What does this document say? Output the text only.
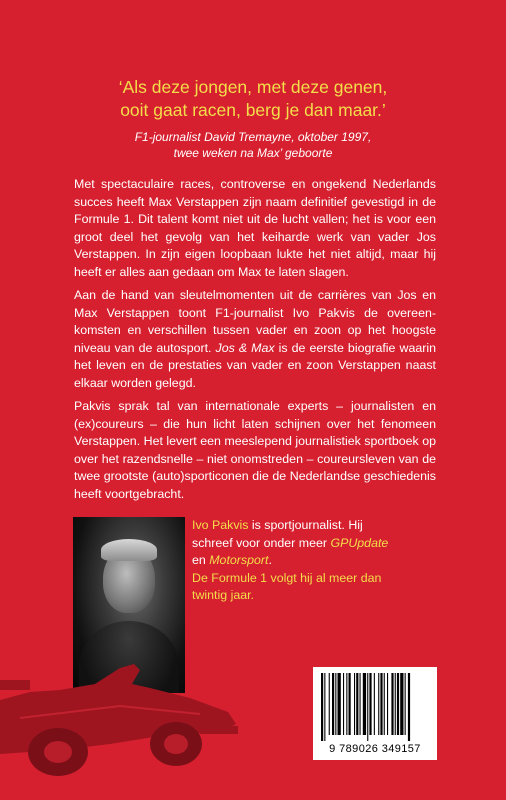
‘Als deze jongen, met deze genen,
ooit gaat racen, berg je dan maar.’
F1-journalist David Tremayne, oktober 1997,
twee weken na Max’ geboorte

Met spectaculaire races, controverse en ongekend Nederlands succes heeft Max Verstappen zijn naam definitief gevestigd in de Formule 1. Dit talent komt niet uit de lucht vallen; het is voor een groot deel het gevolg van het keiharde werk van vader Jos Verstappen. In zijn eigen loopbaan lukte het niet altijd, maar hij heeft er alles aan gedaan om Max te laten slagen.

Aan de hand van sleutelmomenten uit de carrières van Jos en Max Verstappen toont F1-journalist Ivo Pakvis de overeenkomsten en verschillen tussen vader en zoon op het hoogste niveau van de autosport. Jos & Max is de eerste biografie waarin het leven en de prestaties van vader en zoon Verstappen naast elkaar worden gelegd.

Pakvis sprak tal van internationale experts – journalisten en (ex)coureurs – die hun licht laten schijnen over het fenomeen Verstappen. Het levert een meeslepend journalistiek sportboek op over het razendsnelle – niet onomstreden – coureursleven van de twee grootste (auto)sporticonen die de Nederlandse geschiedenis heeft voortgebracht.

Ivo Pakvis is sportjournalist. Hij schreef voor onder meer GPUpdate en Motorsport.
De Formule 1 volgt hij al meer dan twintig jaar.

9 789026 349157
